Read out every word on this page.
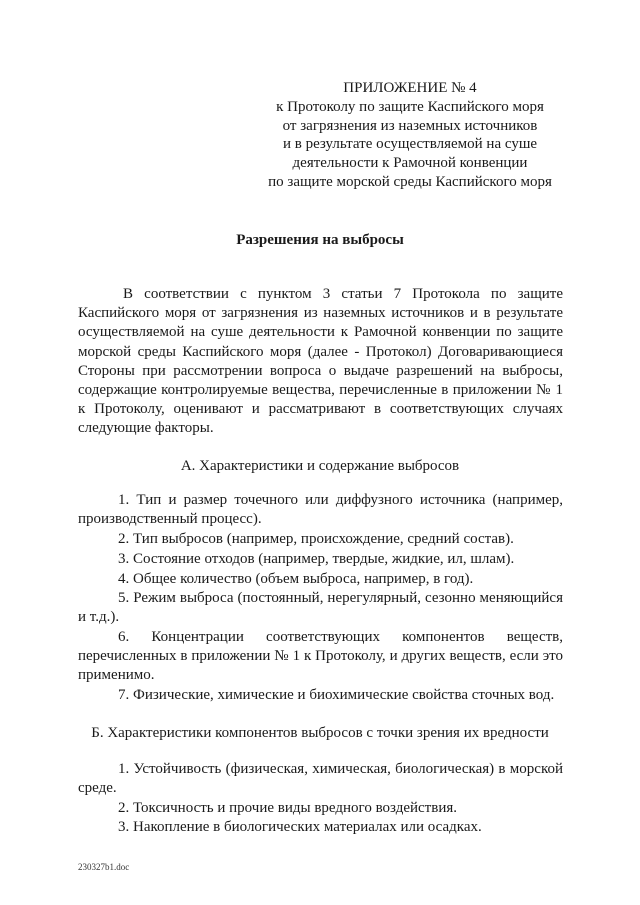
ПРИЛОЖЕНИЕ № 4
к Протоколу по защите Каспийского моря
от загрязнения из наземных источников
и в результате осуществляемой на суше
деятельности к Рамочной конвенции
по защите морской среды Каспийского моря
Разрешения на выбросы

В соответствии с пунктом 3 статьи 7 Протокола по защите Каспийского моря от загрязнения из наземных источников и в результате осуществляемой на суше деятельности к Рамочной конвенции по защите морской среды Каспийского моря (далее - Протокол) Договаривающиеся Стороны при рассмотрении вопроса о выдаче разрешений на выбросы, содержащие контролируемые вещества, перечисленные в приложении № 1 к Протоколу, оценивают и рассматривают в соответствующих случаях следующие факторы.

А. Характеристики и содержание выбросов

1. Тип и размер точечного или диффузного источника (например, производственный процесс).

2. Тип выбросов (например, происхождение, средний состав).

3. Состояние отходов (например, твердые, жидкие, ил, шлам).

4. Общее количество (объем выброса, например, в год).

5. Режим выброса (постоянный, нерегулярный, сезонно меняющийся и т.д.).

6. Концентрации соответствующих компонентов веществ, перечисленных в приложении № 1 к Протоколу, и других веществ, если это применимо.

7. Физические, химические и биохимические свойства сточных вод.

Б. Характеристики компонентов выбросов с точки зрения их вредности

1. Устойчивость (физическая, химическая, биологическая) в морской среде.

2. Токсичность и прочие виды вредного воздействия.

3. Накопление в биологических материалах или осадках.

230327b1.doc
